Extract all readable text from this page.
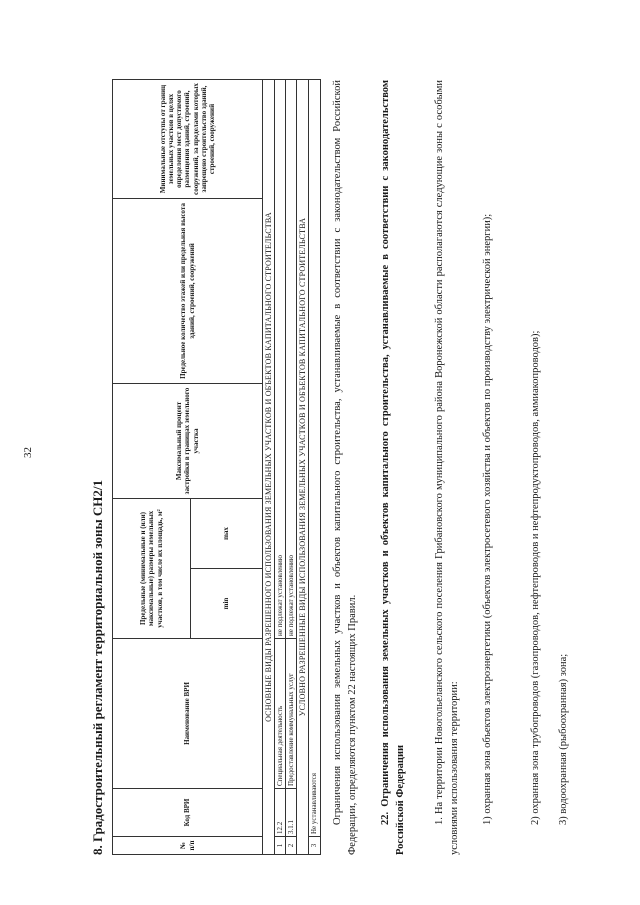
32
8. Градостроительный регламент территориальной зоны СН2/1	№ п/п	Код ВРИ	Наименование ВРИ	Предельные (минимальные и (или) максимальные) размеры земельных участков, в том числе их площадь, м²		Максимальный процент застройки в границах земельного участка	Предельное количество этажей или предельная высота зданий, строений, сооружений	Минимальные отступы от границ земельных участков в целях определения мест допустимого размещения зданий, строений, сооружений, за пределами которых запрещено строительство зданий, строений, сооружений
			min	max			
ОСНОВНЫЕ ВИДЫ РАЗРЕШЕННОГО ИСПОЛЬЗОВАНИЯ ЗЕМЕЛЬНЫХ УЧАСТКОВ И ОБЪЕКТОВ КАПИТАЛЬНОГО СТРОИТЕЛЬСТВА							
1	12.2	Специальная деятельность	не подлежат установлению				
2	3.1.1	Предоставление коммунальных услуг	не подлежат установлению				
УСЛОВНО РАЗРЕШЕННЫЕ ВИДЫ ИСПОЛЬЗОВАНИЯ ЗЕМЕЛЬНЫХ УЧАСТКОВ И ОБЪЕКТОВ КАПИТАЛЬНОГО СТРОИТЕЛЬСТВА							
3	Не устанавливаются						Ограничения использования земельных участков и объектов капитального строительства, устанавливаемые в соответствии с законодательством Российской Федерации, определяются пунктом 22 настоящих Правил. 22. Ограничения использования земельных участков и объектов капитального строительства, устанавливаемые в соответствии с законодательством Российской Федерации	1. На территории Новогольеланского сельского поселения Грибановского муниципального района Воронежской области располагаются следующие зоны с особыми условиями использования территории: 1) охранная зона объектов электроэнергетики (объектов электросетевого хозяйства и объектов по производству электрической энергии);	2) охранная зона трубопроводов (газопроводов, нефтепроводов и нефтепродуктопроводов, аммиакопроводов); 3) водоохранная (рыбоохранная) зона;
